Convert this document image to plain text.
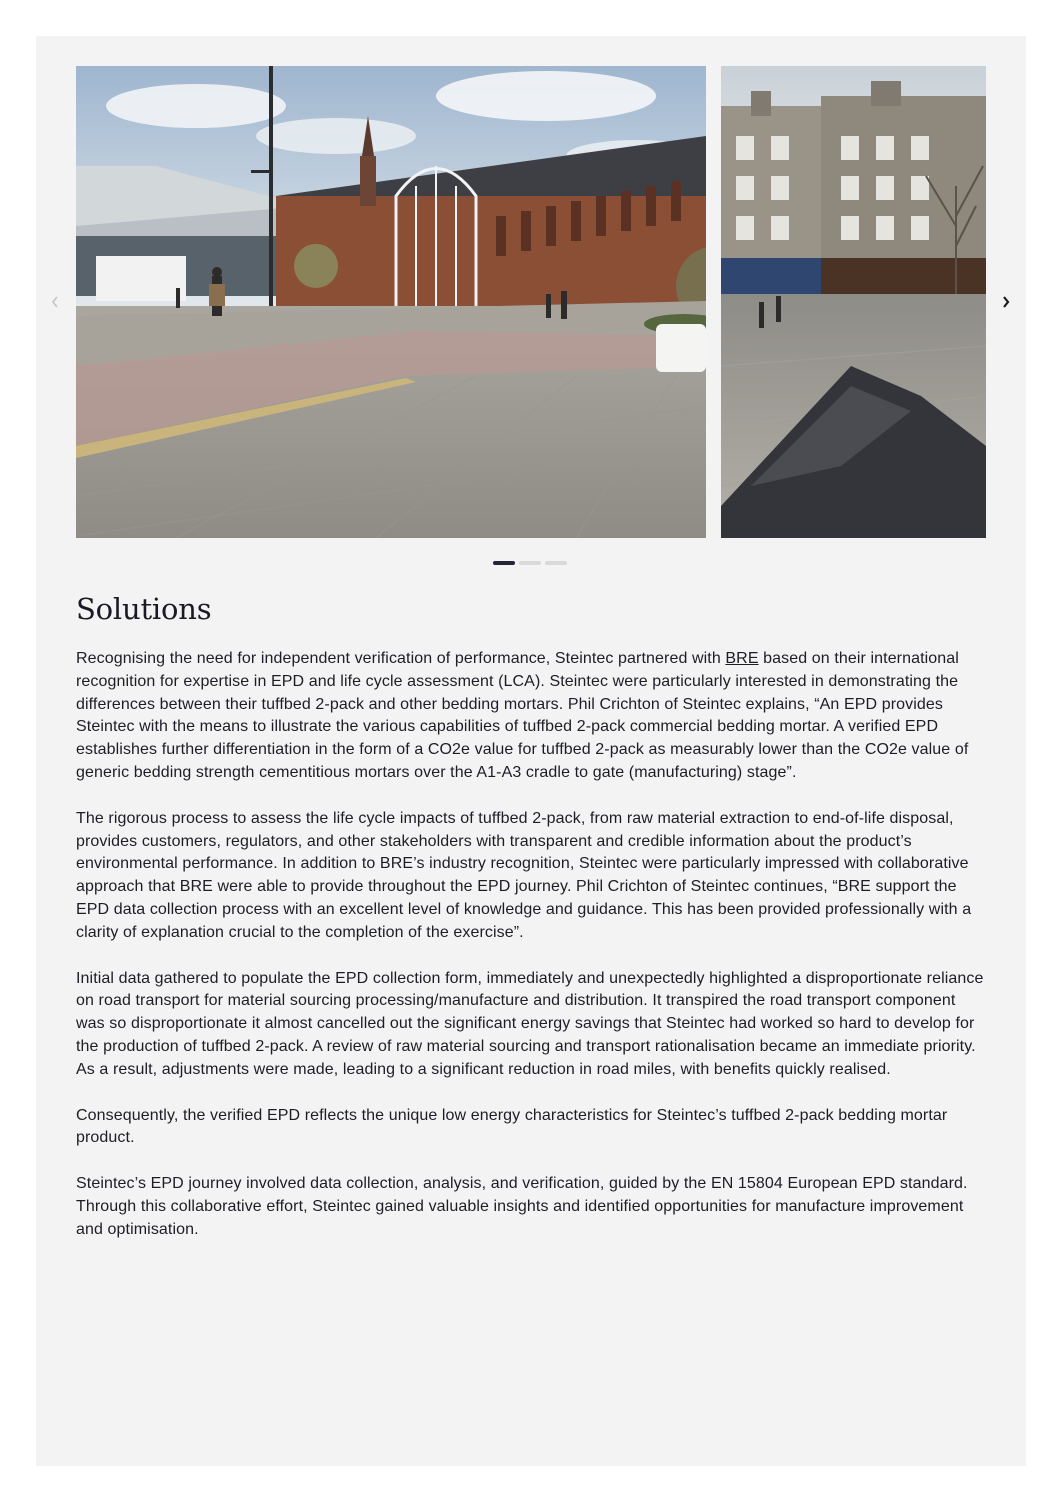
Solutions

Recognising the need for independent verification of performance, Steintec partnered with BRE based on their international recognition for expertise in EPD and life cycle assessment (LCA). Steintec were particularly interested in demonstrating the differences between their tuffbed 2-pack and other bedding mortars. Phil Crichton of Steintec explains, “An EPD provides Steintec with the means to illustrate the various capabilities of tuffbed 2-pack commercial bedding mortar. A verified EPD establishes further differentiation in the form of a CO2e value for tuffbed 2-pack as measurably lower than the CO2e value of generic bedding strength cementitious mortars over the A1-A3 cradle to gate (manufacturing) stage”.

The rigorous process to assess the life cycle impacts of tuffbed 2-pack, from raw material extraction to end-of-life disposal, provides customers, regulators, and other stakeholders with transparent and credible information about the product’s environmental performance. In addition to BRE’s industry recognition, Steintec were particularly impressed with collaborative approach that BRE were able to provide throughout the EPD journey. Phil Crichton of Steintec continues, “BRE support the EPD data collection process with an excellent level of knowledge and guidance. This has been provided professionally with a clarity of explanation crucial to the completion of the exercise”.

Initial data gathered to populate the EPD collection form, immediately and unexpectedly highlighted a disproportionate reliance on road transport for material sourcing processing/manufacture and distribution. It transpired the road transport component was so disproportionate it almost cancelled out the significant energy savings that Steintec had worked so hard to develop for the production of tuffbed 2-pack. A review of raw material sourcing and transport rationalisation became an immediate priority. As a result, adjustments were made, leading to a significant reduction in road miles, with benefits quickly realised.

Consequently, the verified EPD reflects the unique low energy characteristics for Steintec’s tuffbed 2-pack bedding mortar product.

Steintec’s EPD journey involved data collection, analysis, and verification, guided by the EN 15804 European EPD standard. Through this collaborative effort, Steintec gained valuable insights and identified opportunities for manufacture improvement and optimisation.
